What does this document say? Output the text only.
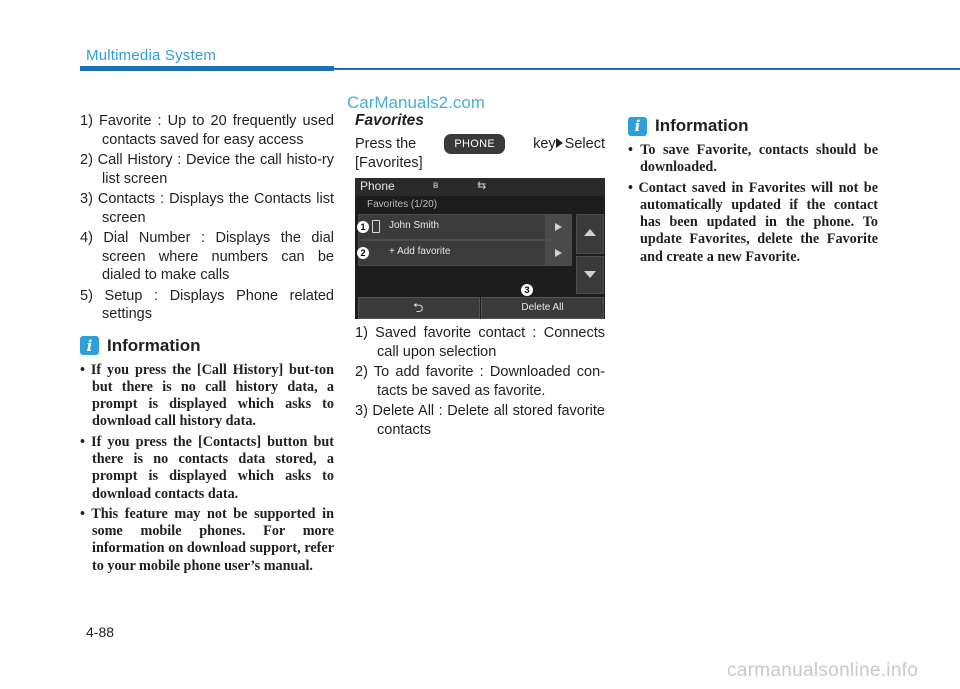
Multimedia System
CarManuals2.com
1) Favorite : Up to 20 frequently used contacts saved for easy access
2) Call History : Device the call histo-ry list screen
3) Contacts : Displays the Contacts list screen
4) Dial Number : Displays the dial screen where numbers can be dialed to make calls
5) Setup : Displays Phone related settings
i Information
• If you press the [Call History] but-ton but there is no call history data, a prompt is displayed which asks to download call history data.
• If you press the [Contacts] button but there is no contacts data stored, a prompt is displayed which asks to download contacts data.
• This feature may not be supported in some mobile phones. For more information on download support, refer to your mobile phone user’s manual.
Favorites
Press the	PHONE	key Select
[Favorites]
Phone	ʙ	⇆
Favorites (1/20)
John Smith
+ Add favorite
⮌	Delete All
1
2
3
1) Saved favorite contact : Connects call upon selection
2) To add favorite : Downloaded con-tacts be saved as favorite.
3) Delete All : Delete all stored favorite contacts
i Information
• To save Favorite, contacts should be downloaded.
• Contact saved in Favorites will not be automatically updated if the contact has been updated in the phone. To update Favorites, delete the Favorite and create a new Favorite.
4-88
carmanualsonline.info
